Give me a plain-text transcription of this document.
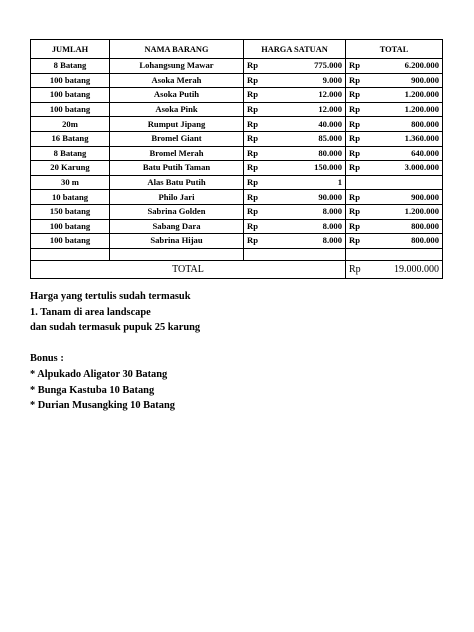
JUMLAH	NAMA BARANG	HARGA SATUAN		TOTAL	
8 Batang	Lohangsung Mawar	Rp	775.000	Rp	6.200.000
100 batang	Asoka Merah	Rp	9.000	Rp	900.000
100 batang	Asoka Putih	Rp	12.000	Rp	1.200.000
100 batang	Asoka Pink	Rp	12.000	Rp	1.200.000
20m	Rumput Jipang	Rp	40.000	Rp	800.000
16 Batang	Bromel Giant	Rp	85.000	Rp	1.360.000
8 Batang	Bromel Merah	Rp	80.000	Rp	640.000
20 Karung	Batu Putih Taman	Rp	150.000	Rp	3.000.000
30 m	Alas Batu Putih	Rp	1		
10 batang	Philo Jari	Rp	90.000	Rp	900.000
150 batang	Sabrina Golden	Rp	8.000	Rp	1.200.000
100 batang	Sabang Dara	Rp	8.000	Rp	800.000
100 batang	Sabrina Hijau	Rp	8.000	Rp	800.000

TOTAL				Rp	19.000.000

Harga yang tertulis sudah termasuk

1. Tanam di area landscape

dan sudah termasuk pupuk 25 karung

Bonus :

* Alpukado Aligator 30 Batang

* Bunga Kastuba 10 Batang

* Durian Musangking 10 Batang
